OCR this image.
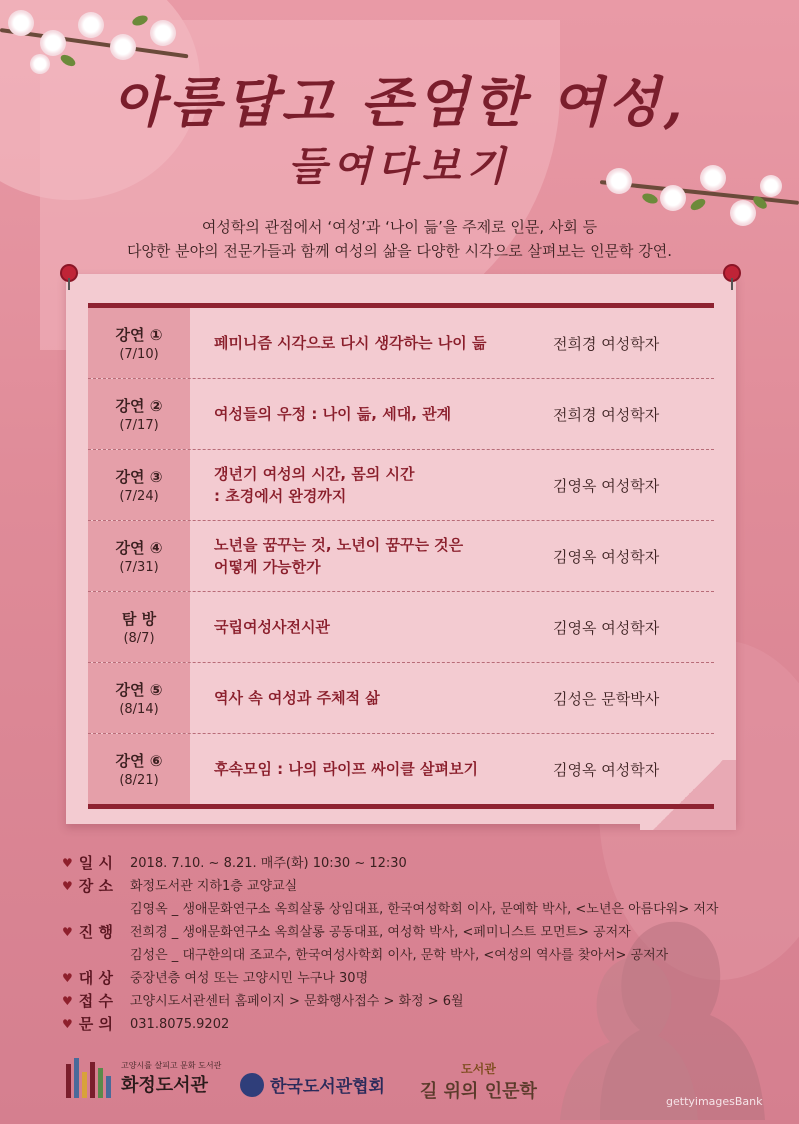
아름답고 존엄한 여성,
들여다보기
여성학의 관점에서 ‘여성’과 ‘나이 듦’을 주제로 인문, 사회 등
다양한 분야의 전문가들과 함께 여성의 삶을 다양한 시각으로 살펴보는 인문학 강연.
강연 ①
(7/10)
페미니즘 시각으로 다시 생각하는 나이 듦	전희경 여성학자
강연 ②
(7/17)
여성들의 우정 : 나이 듦, 세대, 관계	전희경 여성학자
강연 ③
(7/24)
갱년기 여성의 시간, 몸의 시간
: 초경에서 완경까지
김영옥 여성학자
강연 ④
(7/31)
노년을 꿈꾸는 것, 노년이 꿈꾸는 것은
어떻게 가능한가
김영옥 여성학자
탐 방
(8/7)
국립여성사전시관	김영옥 여성학자
강연 ⑤
(8/14)
역사 속 여성과 주체적 삶	김성은 문학박사
강연 ⑥
(8/21)
후속모임 : 나의 라이프 싸이클 살펴보기	김영옥 여성학자
♥ 일 시 2018. 7.10. ~ 8.21. 매주(화) 10:30 ~ 12:30
♥ 장 소 화정도서관 지하1층 교양교실
♥ 진 행
김영옥 _ 생애문화연구소 옥희살롱 상임대표, 한국여성학회 이사, 문예학 박사, <노년은 아름다워> 저자
전희경 _ 생애문화연구소 옥희살롱 공동대표, 여성학 박사, <페미니스트 모먼트> 공저자
김성은 _ 대구한의대 조교수, 한국여성사학회 이사, 문학 박사, <여성의 역사를 찾아서> 공저자
♥ 대 상 중장년층 여성 또는 고양시민 누구나 30명
♥ 접 수 고양시도서관센터 홈페이지 > 문화행사접수 > 화정 > 6월
♥ 문 의 031.8075.9202
고양시를 살피고 문화 도서관
화정도서관	한국도서관협회
도서관
길 위의 인문학	gettyimagesBank
